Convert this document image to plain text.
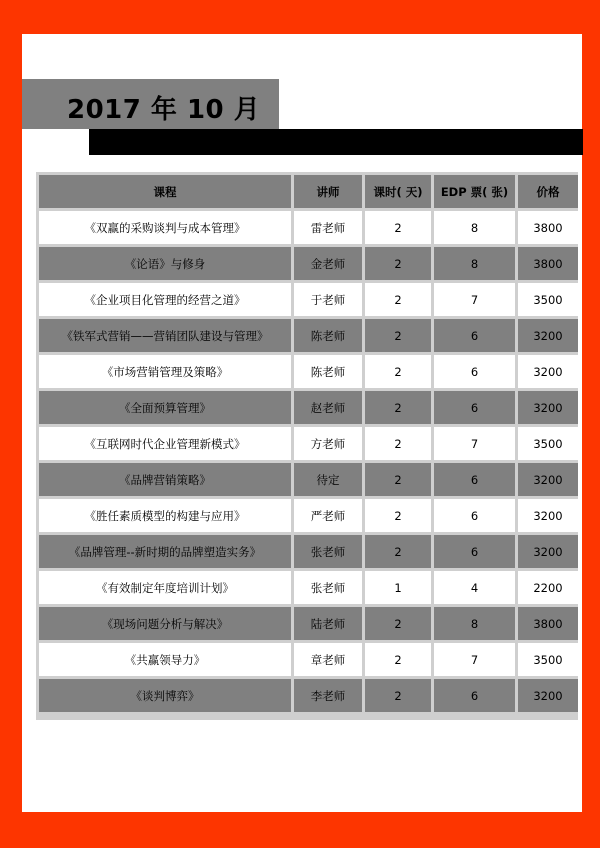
2017 年 10 月
课程	讲师	课时( 天)	EDP 票( 张)	价格
《双赢的采购谈判与成本管理》	雷老师	2	8	3800
《论语》与修身	金老师	2	8	3800
《企业项目化管理的经营之道》	于老师	2	7	3500
《铁军式营销——营销团队建设与管理》	陈老师	2	6	3200
《市场营销管理及策略》	陈老师	2	6	3200
《全面预算管理》	赵老师	2	6	3200
《互联网时代企业管理新模式》	方老师	2	7	3500
《品牌营销策略》	待定	2	6	3200
《胜任素质模型的构建与应用》	严老师	2	6	3200
《品牌管理--新时期的品牌塑造实务》	张老师	2	6	3200
《有效制定年度培训计划》	张老师	1	4	2200
《现场问题分析与解决》	陆老师	2	8	3800
《共赢领导力》	章老师	2	7	3500
《谈判博弈》	李老师	2	6	3200
